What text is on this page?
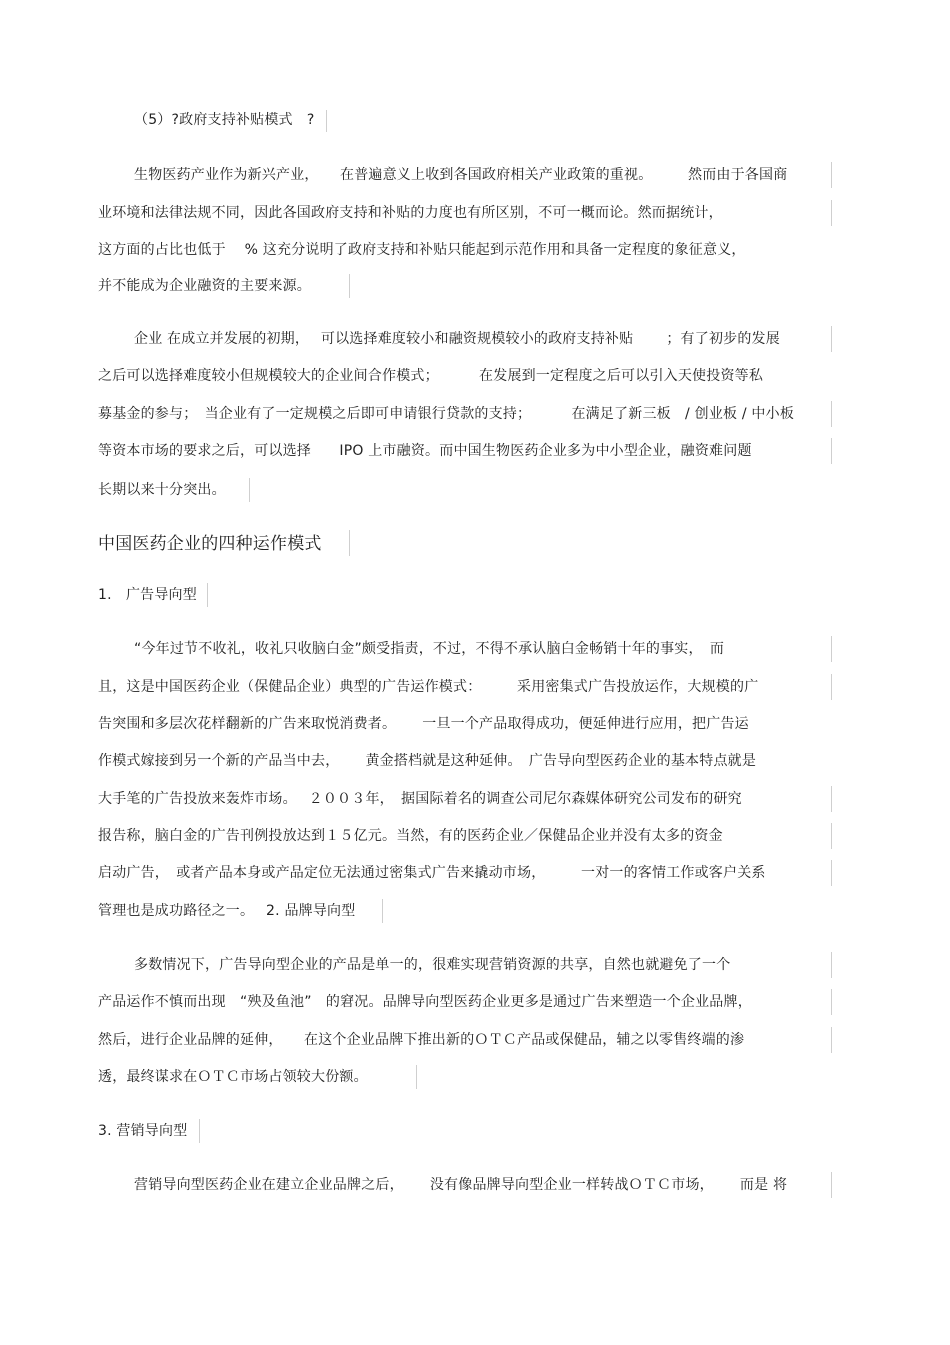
（5）?政府支持补贴模式　?
生物医药产业作为新兴产业，　　在普遍意义上收到各国政府相关产业政策的重视。　　　然而由于各国商
业环境和法律法规不同，因此各国政府支持和补贴的力度也有所区别，不可一概而论。然而据统计，
这方面的占比也低于　 % 这充分说明了政府支持和补贴只能起到示范作用和具备一定程度的象征意义，
并不能成为企业融资的主要来源。
企业 在成立并发展的初期，　 可以选择难度较小和融资规模较小的政府支持补贴　　 ；有了初步的发展
之后可以选择难度较小但规模较大的企业间合作模式；　　　 在发展到一定程度之后可以引入天使投资等私
募基金的参与；　当企业有了一定规模之后即可申请银行贷款的支持；　　　 在满足了新三板　/ 创业板 / 中小板
等资本市场的要求之后，可以选择　　IPO 上市融资。而中国生物医药企业多为中小型企业，融资难问题
长期以来十分突出。
中国医药企业的四种运作模式
1.　广告导向型
“今年过节不收礼，收礼只收脑白金”颇受指责，不过，不得不承认脑白金畅销十年的事实，　而
且，这是中国医药企业（保健品企业）典型的广告运作模式：　　　采用密集式广告投放运作，大规模的广
告突围和多层次花样翻新的广告来取悦消费者。　　 一旦一个产品取得成功，便延伸进行应用，把广告运
作模式嫁接到另一个新的产品当中去，　　 黄金搭档就是这种延伸。　广告导向型医药企业的基本特点就是
大手笔的广告投放来轰炸市场。　 ２００３年，　据国际着名的调查公司尼尔森媒体研究公司发布的研究
报告称，脑白金的广告刊例投放达到１５亿元。当然，有的医药企业／保健品企业并没有太多的资金
启动广告，　或者产品本身或产品定位无法通过密集式广告来撬动市场，　　　一对一的客情工作或客户关系
管理也是成功路径之一。　 2. 品牌导向型
多数情况下，广告导向型企业的产品是单一的，很难实现营销资源的共享，自然也就避免了一个
产品运作不慎而出现　“殃及鱼池”　的窘况。品牌导向型医药企业更多是通过广告来塑造一个企业品牌，
然后，进行企业品牌的延伸，　　在这个企业品牌下推出新的ＯＴＣ产品或保健品，辅之以零售终端的渗
透，最终谋求在ＯＴＣ市场占领较大份额。
3. 营销导向型
营销导向型医药企业在建立企业品牌之后，　　 没有像品牌导向型企业一样转战ＯＴＣ市场，　　 而是 将
